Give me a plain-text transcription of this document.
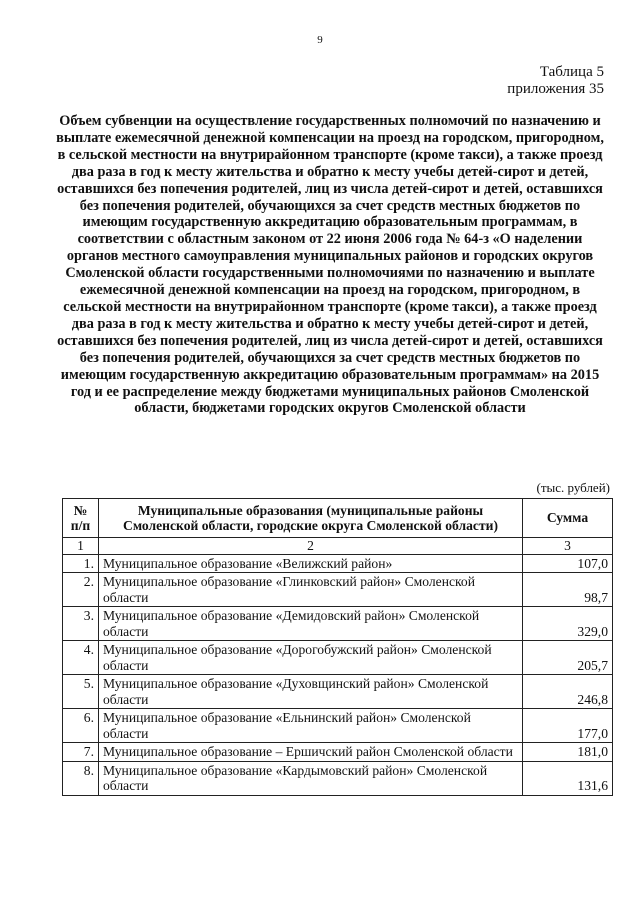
9
Таблица 5
приложения 35
Объем субвенции на осуществление государственных полномочий по назначению и выплате ежемесячной денежной компенсации на проезд на городском, пригородном, в сельской местности на внутрирайонном транспорте (кроме такси), а также проезд два раза в год к месту жительства и обратно к месту учебы детей-сирот и детей, оставшихся без попечения родителей, лиц из числа детей-сирот и детей, оставшихся без попечения родителей, обучающихся за счет средств местных бюджетов по имеющим государственную аккредитацию образовательным программам, в соответствии с областным законом от 22 июня 2006 года № 64-з «О наделении органов местного самоуправления муниципальных районов и городских округов Смоленской области государственными полномочиями по назначению и выплате ежемесячной денежной компенсации на проезд на городском, пригородном, в сельской местности на внутрирайонном транспорте (кроме такси), а также проезд два раза в год к месту жительства и обратно к месту учебы детей-сирот и детей, оставшихся без попечения родителей, лиц из числа детей-сирот и детей, оставшихся без попечения родителей, обучающихся за счет средств местных бюджетов по имеющим государственную аккредитацию образовательным программам» на 2015 год и ее распределение между бюджетами муниципальных районов Смоленской области, бюджетами городских округов Смоленской области
(тыс. рублей)
№ п/п	Муниципальные образования (муниципальные районы Смоленской области, городские округа Смоленской области)	Сумма
1	2	3
1.	Муниципальное образование «Велижский район»	107,0
2.	Муниципальное образование «Глинковский район» Смоленской области	98,7
3.	Муниципальное образование «Демидовский район» Смоленской области	329,0
4.	Муниципальное образование «Дорогобужский район» Смоленской области	205,7
5.	Муниципальное образование «Духовщинский район» Смоленской области	246,8
6.	Муниципальное образование «Ельнинский район» Смоленской области	177,0
7.	Муниципальное образование – Ершичский район Смоленской области	181,0
8.	Муниципальное образование «Кардымовский район» Смоленской области	131,6
